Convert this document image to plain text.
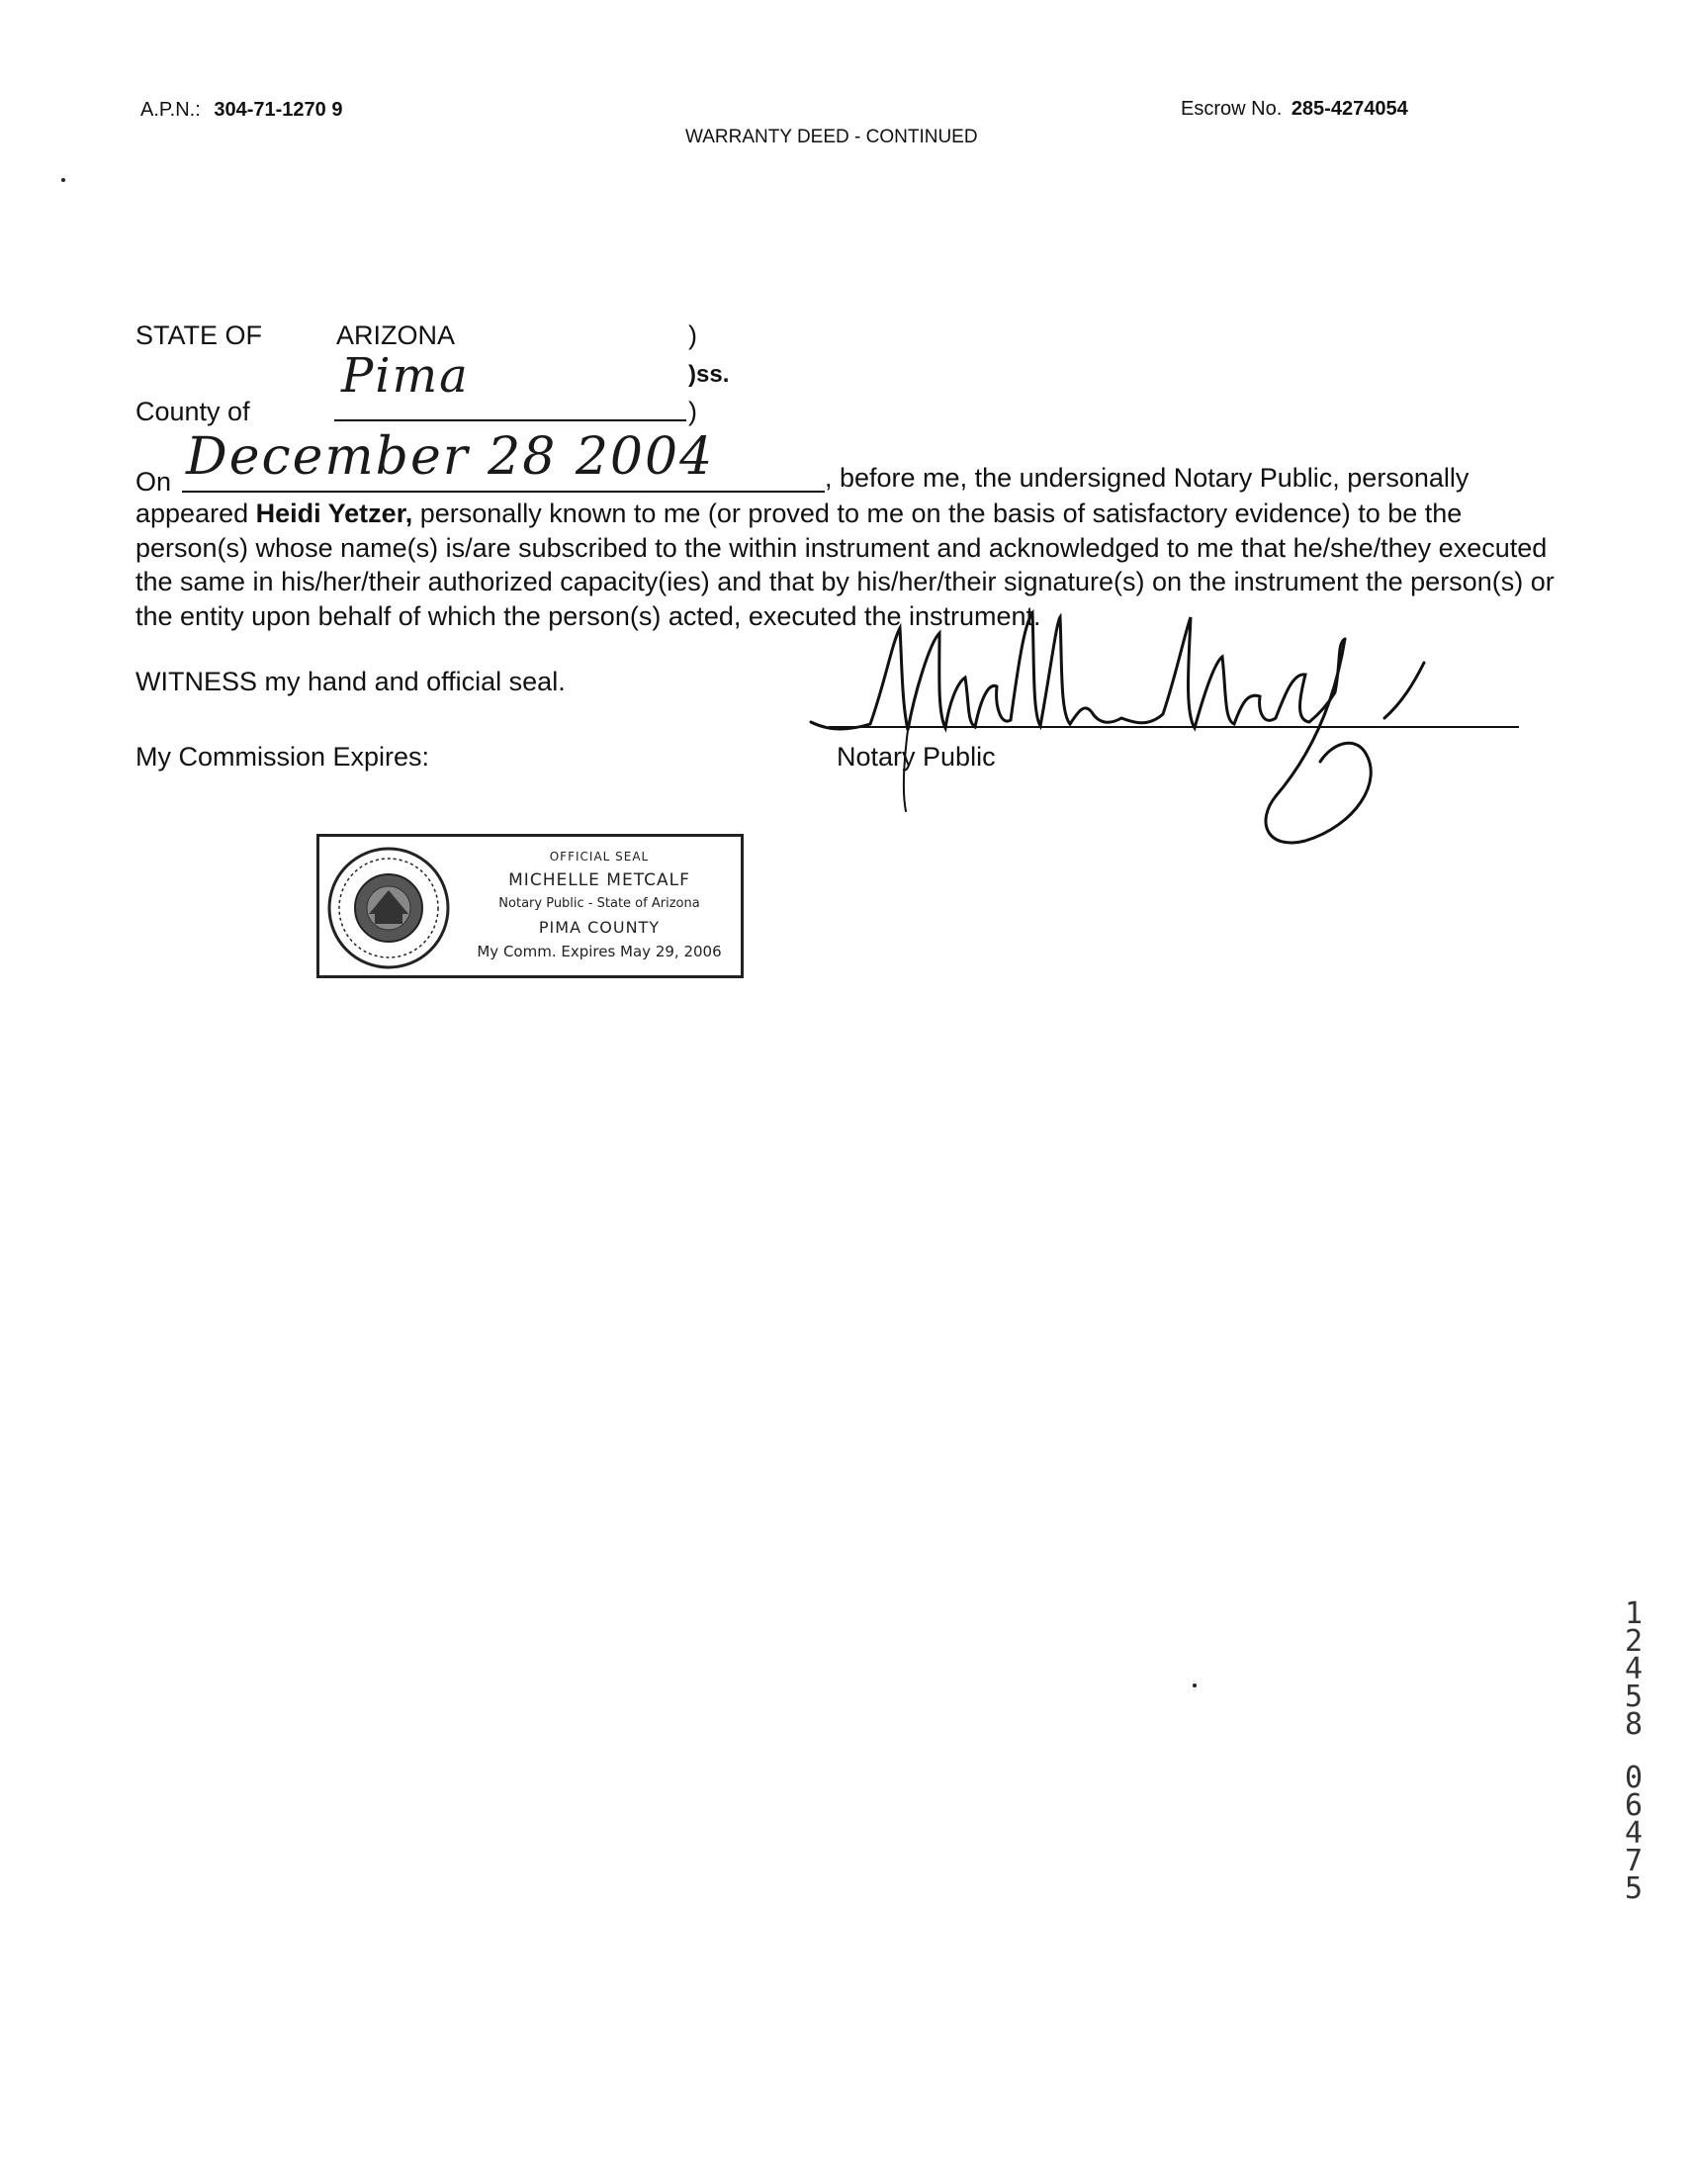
A.P.N.: 304-71-1270 9
WARRANTY DEED - CONTINUED
Escrow No. 285-4274054
STATE OF	ARIZONA	)
)ss.
County of
Pima
)
On December 28 2004	, before me, the undersigned Notary Public, personally
appeared Heidi Yetzer, personally known to me (or proved to me on the basis of satisfactory evidence) to be the person(s) whose name(s) is/are subscribed to the within instrument and acknowledged to me that he/she/they executed the same in his/her/their authorized capacity(ies) and that by his/her/their signature(s) on the instrument the person(s) or the entity upon behalf of which the person(s) acted, executed the instrument.
WITNESS my hand and official seal.
My Commission Expires:	Notary Public
OFFICIAL SEAL
MICHELLE METCALF
Notary Public - State of Arizona
PIMA COUNTY
My Comm. Expires May 29, 2006
1
2
4
5
8
0
6
4
7
5
